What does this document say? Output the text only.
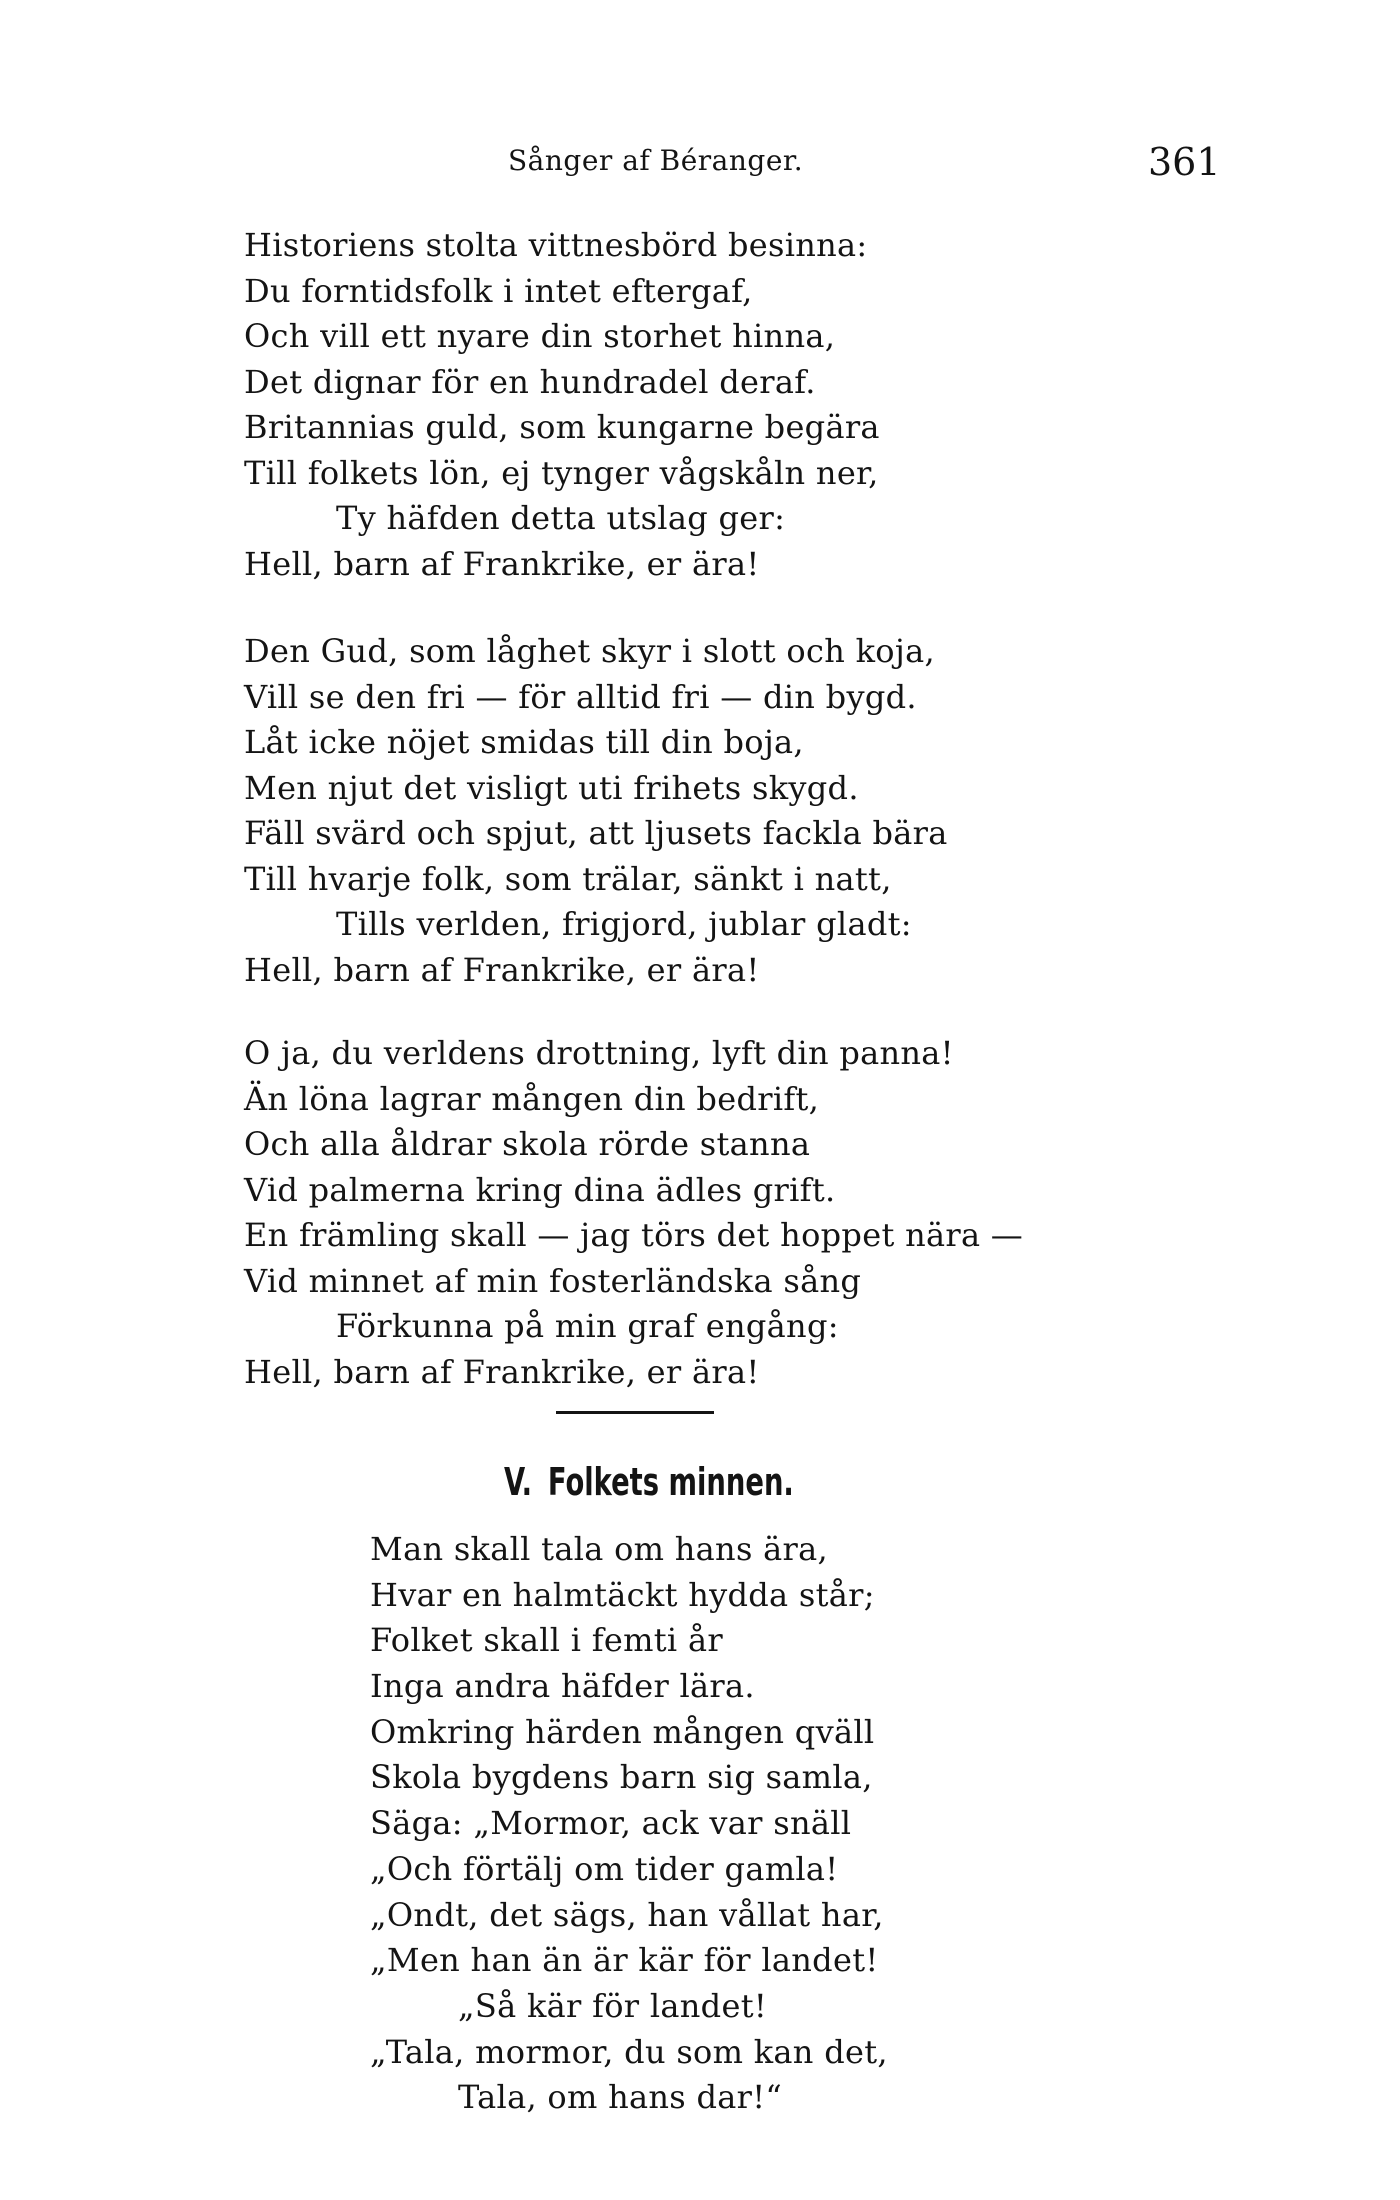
Sånger af Béranger.	361
Historiens stolta vittnesbörd besinna:
Du forntidsfolk i intet eftergaf,
Och vill ett nyare din storhet hinna,
Det dignar för en hundradel deraf.
Britannias guld, som kungarne begära
Till folkets lön, ej tynger vågskåln ner,
Ty häfden detta utslag ger:
Hell, barn af Frankrike, er ära!
Den Gud, som låghet skyr i slott och koja,
Vill se den fri — för alltid fri — din bygd.
Låt icke nöjet smidas till din boja,
Men njut det visligt uti frihets skygd.
Fäll svärd och spjut, att ljusets fackla bära
Till hvarje folk, som trälar, sänkt i natt,
Tills verlden, frigjord, jublar gladt:
Hell, barn af Frankrike, er ära!
O ja, du verldens drottning, lyft din panna!
Än löna lagrar mången din bedrift,
Och alla åldrar skola rörde stanna
Vid palmerna kring dina ädles grift.
En främling skall — jag törs det hoppet nära —
Vid minnet af min fosterländska sång
Förkunna på min graf engång:
Hell, barn af Frankrike, er ära!
V. Folkets minnen.
Man skall tala om hans ära,
Hvar en halmtäckt hydda står;
Folket skall i femti år
Inga andra häfder lära.
Omkring härden mången qväll
Skola bygdens barn sig samla,
Säga: „Mormor, ack var snäll
„Och förtälj om tider gamla!
„Ondt, det sägs, han vållat har,
„Men han än är kär för landet!
„Så kär för landet!
„Tala, mormor, du som kan det,
Tala, om hans dar!“
